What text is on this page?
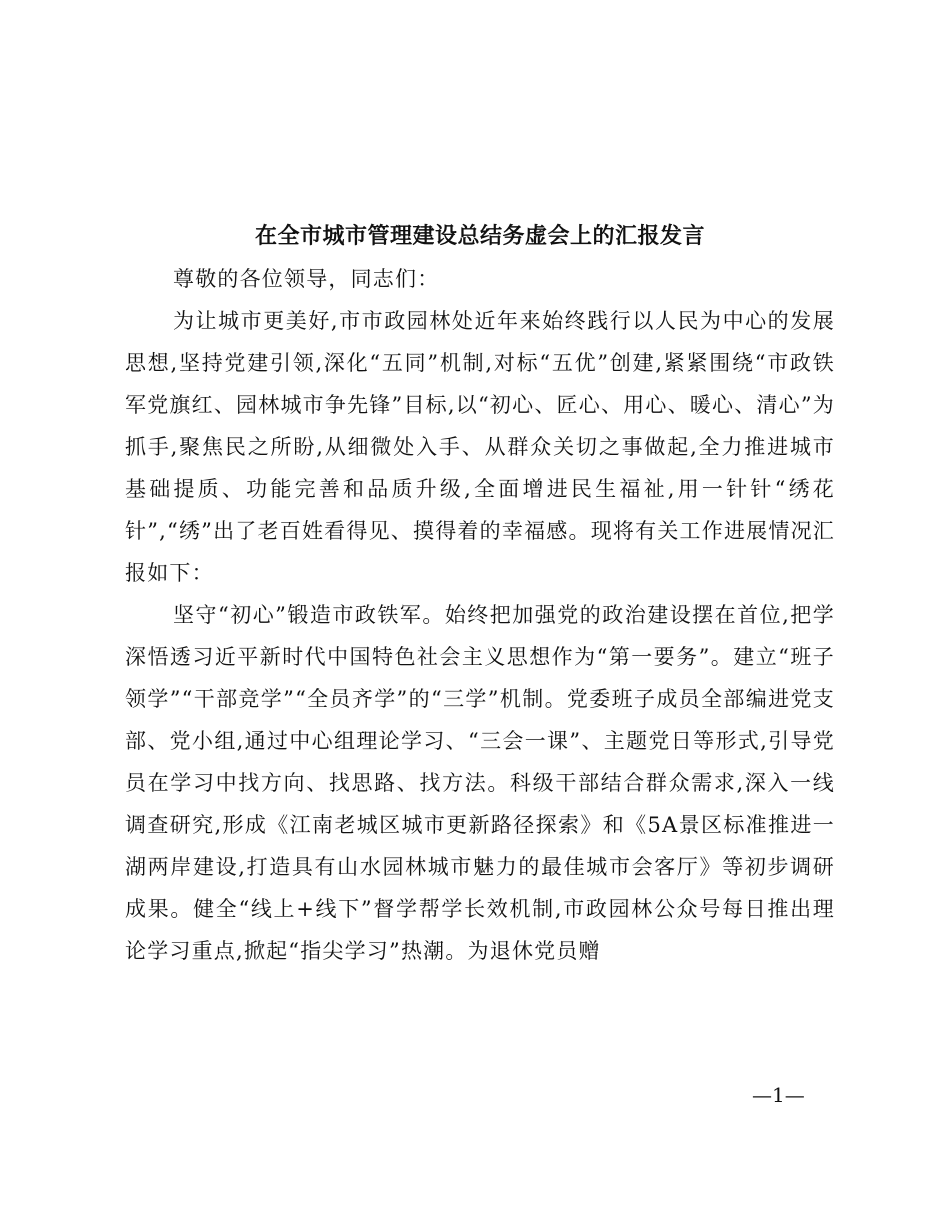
在全市城市管理建设总结务虚会上的汇报发言

尊敬的各位领导，同志们：

为让城市更美好,市市政园林处近年来始终践行以人民为中心的发展思想,坚持党建引领,深化“五同”机制,对标“五优”创建,紧紧围绕“市政铁军党旗红、园林城市争先锋”目标,以“初心、匠心、用心、暖心、清心”为抓手,聚焦民之所盼,从细微处入手、从群众关切之事做起,全力推进城市基础提质、功能完善和品质升级,全面增进民生福祉,用一针针“绣花针”,“绣”出了老百姓看得见、摸得着的幸福感。现将有关工作进展情况汇报如下：

坚守“初心”锻造市政铁军。始终把加强党的政治建设摆在首位,把学深悟透习近平新时代中国特色社会主义思想作为“第一要务”。建立“班子领学”“干部竞学”“全员齐学”的“三学”机制。党委班子成员全部编进党支部、党小组,通过中心组理论学习、“三会一课”、主题党日等形式,引导党员在学习中找方向、找思路、找方法。科级干部结合群众需求,深入一线调查研究,形成《江南老城区城市更新路径探索》和《5A景区标准推进一湖两岸建设,打造具有山水园林城市魅力的最佳城市会客厅》等初步调研成果。健全“线上+线下”督学帮学长效机制,市政园林公众号每日推出理论学习重点,掀起“指尖学习”热潮。为退休党员赠

—1—
